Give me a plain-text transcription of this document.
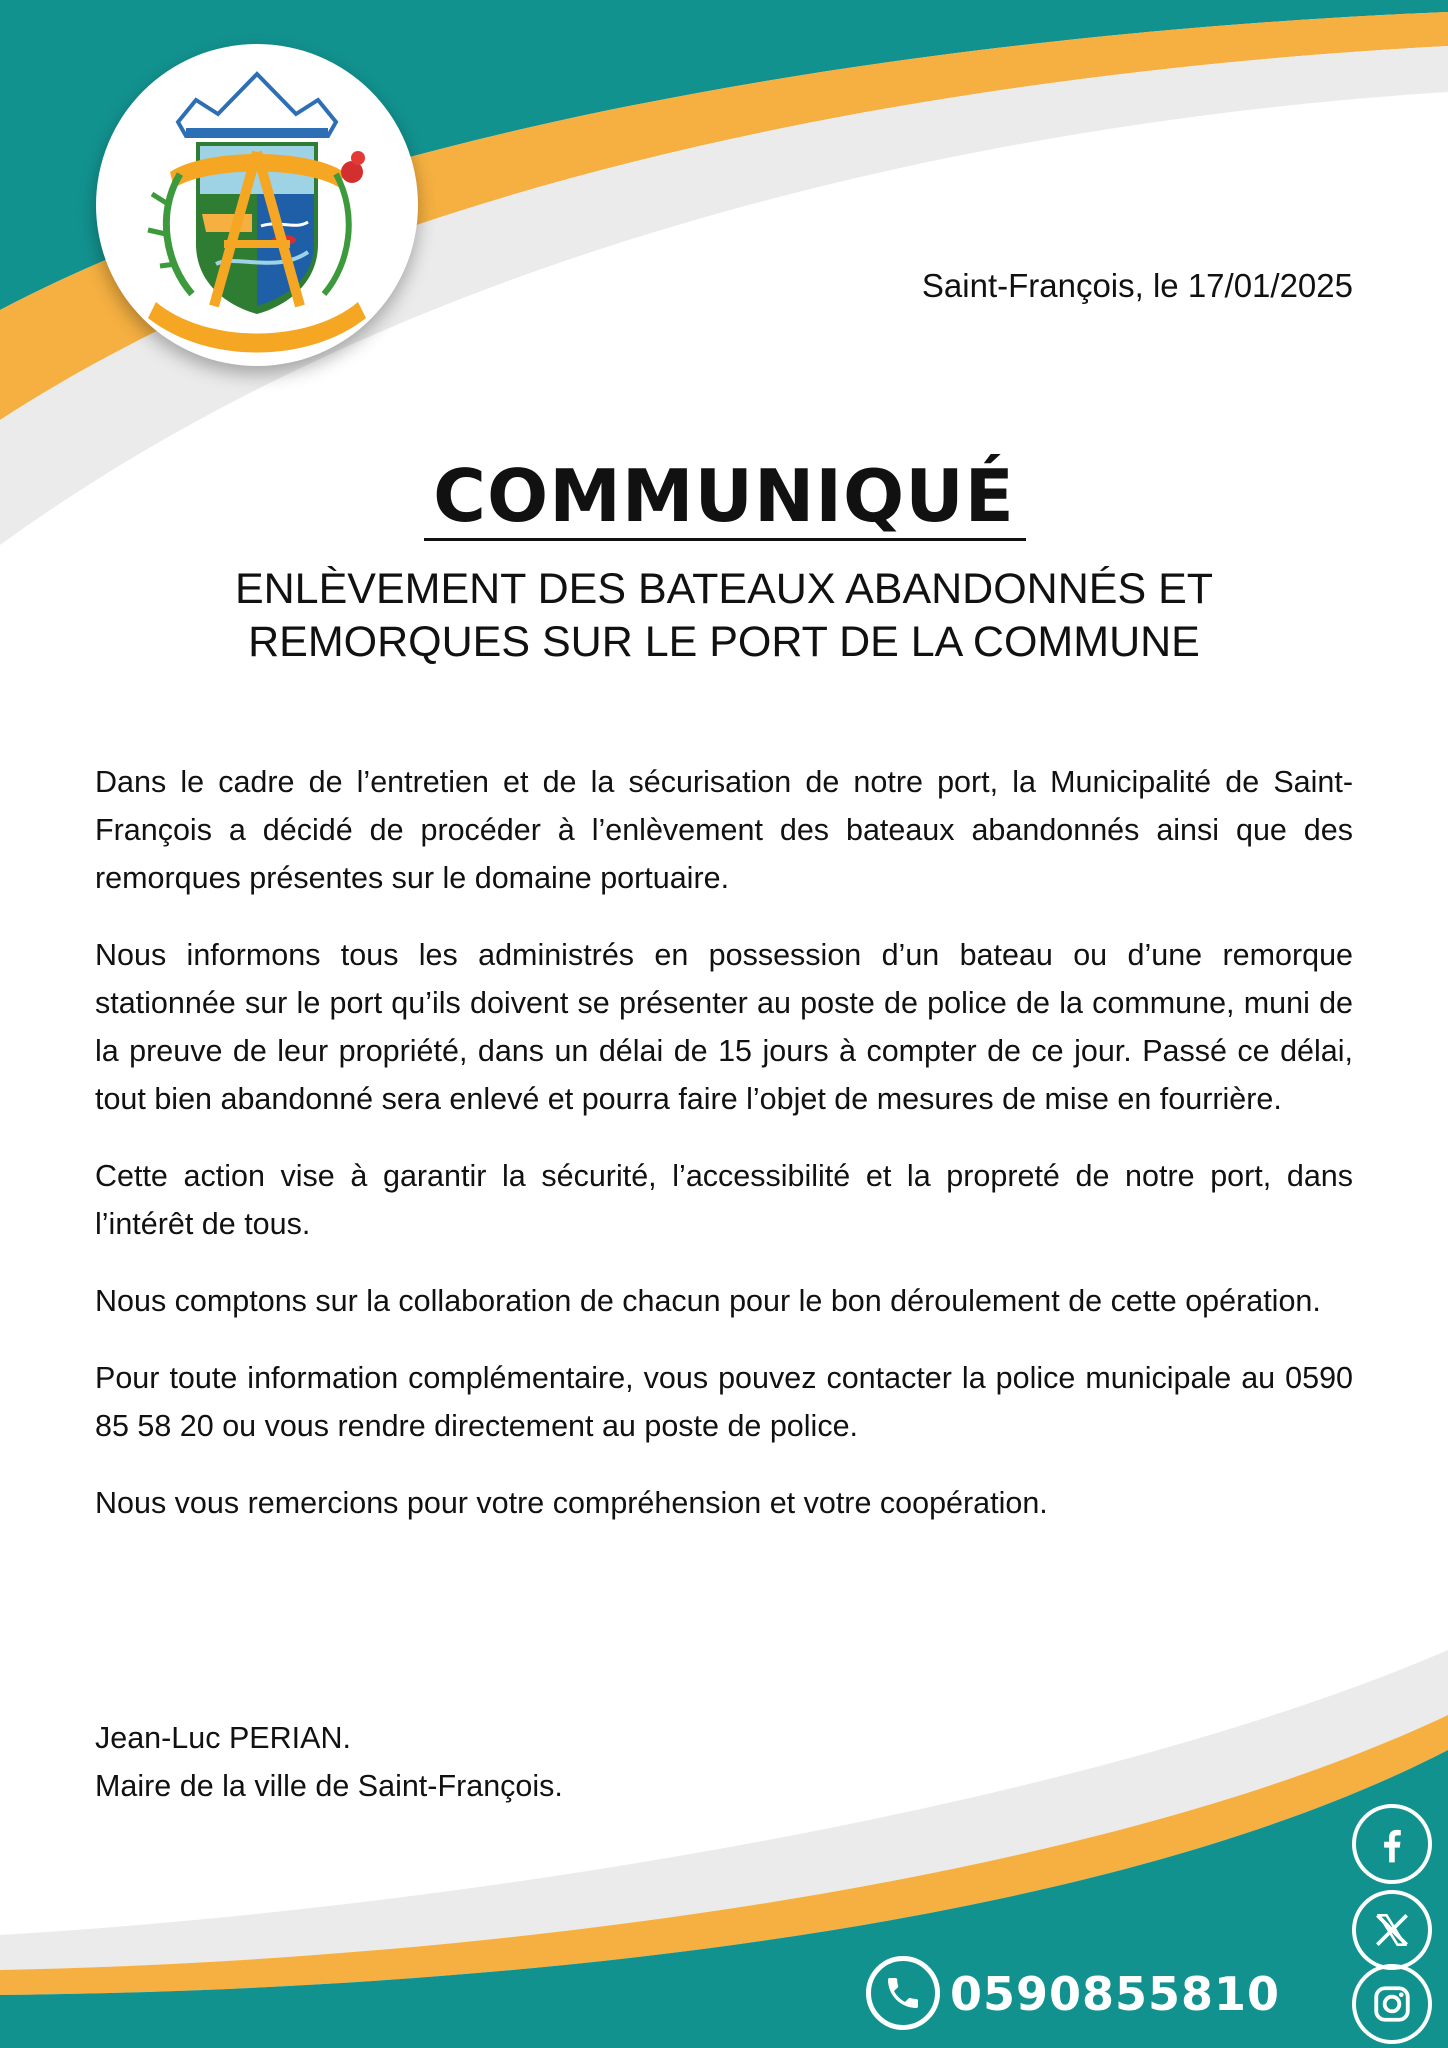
Saint-François, le 17/01/2025
COMMUNIQUÉ
ENLÈVEMENT DES BATEAUX ABANDONNÉS ET
REMORQUES SUR LE PORT DE LA COMMUNE

Dans le cadre de l’entretien et de la sécurisation de notre port, la Municipalité de Saint-François a décidé de procéder à l’enlèvement des bateaux abandonnés ainsi que des remorques présentes sur le domaine portuaire.

Nous informons tous les administrés en possession d’un bateau ou d’une remorque stationnée sur le port qu’ils doivent se présenter au poste de police de la commune, muni de la preuve de leur propriété, dans un délai de 15 jours à compter de ce jour. Passé ce délai, tout bien abandonné sera enlevé et pourra faire l’objet de mesures de mise en fourrière.

Cette action vise à garantir la sécurité, l’accessibilité et la propreté de notre port, dans l’intérêt de tous.

Nous comptons sur la collaboration de chacun pour le bon déroulement de cette opération.

Pour toute information complémentaire, vous pouvez contacter la police municipale au 0590 85 58 20 ou vous rendre directement au poste de police.

Nous vous remercions pour votre compréhension et votre coopération.

Jean-Luc PERIAN.
Maire de la ville de Saint-François.
0590855810
